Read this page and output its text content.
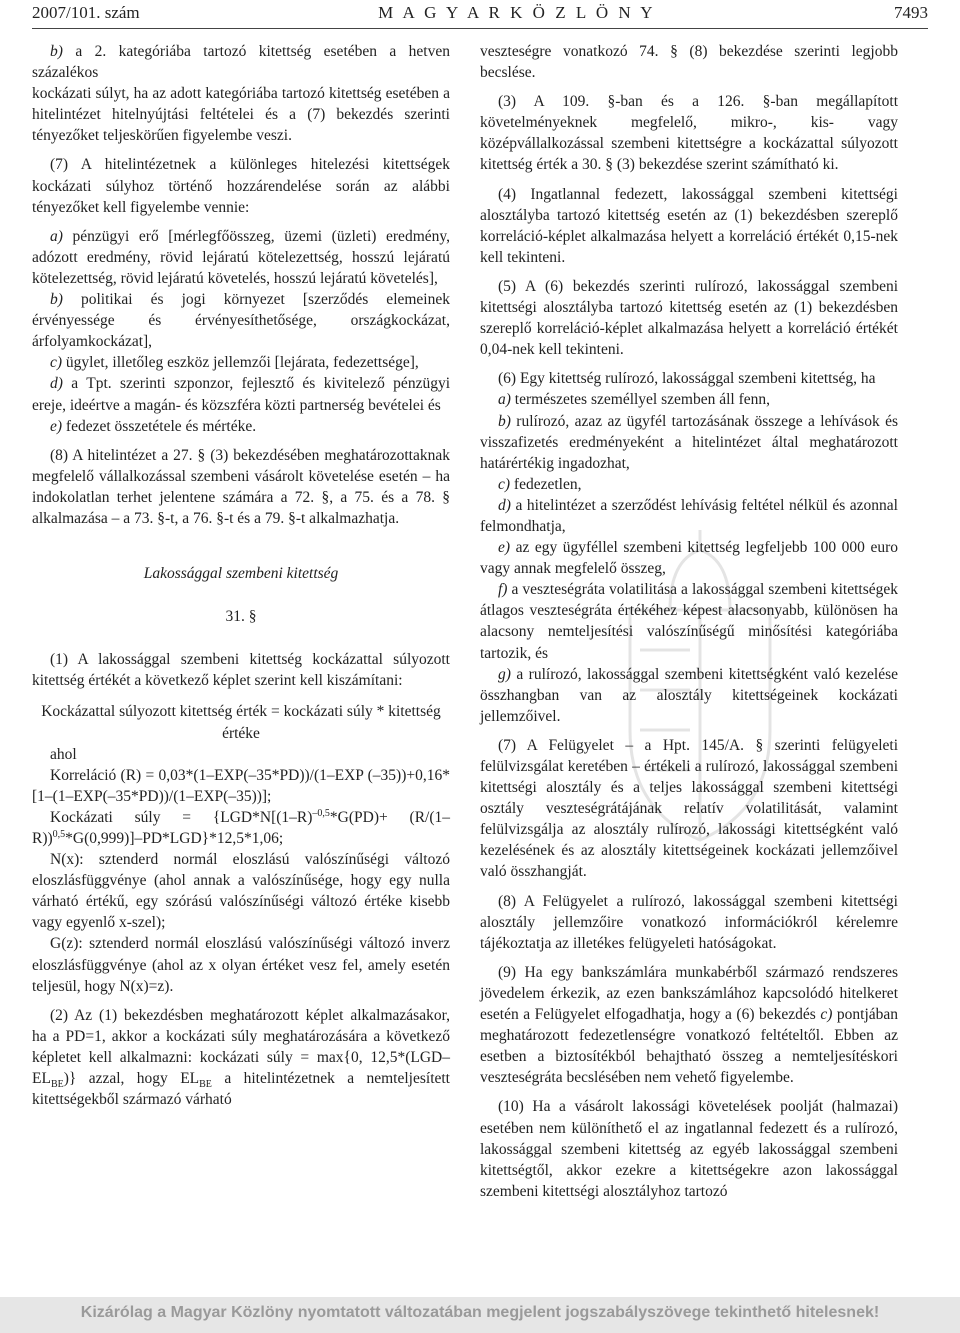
2007/101. szám	M A G Y A R K Ö Z L Ö N Y	7493

b) a 2. kategóriába tartozó kitettség esetében a hetven százalékos

kockázati súlyt, ha az adott kategóriába tartozó kitettség esetében a hitelintézet hitelnyújtási feltételei és a (7) bekezdés szerinti tényezőket teljeskörűen figyelembe veszi.

(7) A hitelintézetnek a különleges hitelezési kitettségek kockázati súlyhoz történő hozzárendelése során az alábbi tényezőket kell figyelembe vennie:

a) pénzügyi erő [mérlegfőösszeg, üzemi (üzleti) eredmény, adózott eredmény, rövid lejáratú kötelezettség, hosszú lejáratú kötelezettség, rövid lejáratú követelés, hosszú lejáratú követelés],

b) politikai és jogi környezet [szerződés elemeinek érvényessége és érvényesíthetősége, országkockázat, árfolyamkockázat],

c) ügylet, illetőleg eszköz jellemzői [lejárata, fedezettsége],

d) a Tpt. szerinti szponzor, fejlesztő és kivitelező pénzügyi ereje, ideértve a magán- és közszféra közti partnerség bevételei és

e) fedezet összetétele és mértéke.

(8) A hitelintézet a 27. § (3) bekezdésében meghatározottaknak megfelelő vállalkozással szembeni vásárolt követelése esetén – ha indokolatlan terhet jelentene számára a 72. §, a 75. és a 78. § alkalmazása – a 73. §-t, a 76. §-t és a 79. §-t alkalmazhatja.

Lakossággal szembeni kitettség

31. §

(1) A lakossággal szembeni kitettség kockázattal súlyozott kitettség értékét a következő képlet szerint kell kiszámítani:

Kockázattal súlyozott kitettség érték = kockázati súly * kitettség értéke

ahol

Korreláció (R) = 0,03*(1–EXP(–35*PD))/(1–EXP (–35))+0,16*[1–(1–EXP(–35*PD))/(1–EXP(–35))];

Kockázati súly = $\{LGD*N[(1-R)^{-0,5}*G(PD)+ (R/(1-R))^{0,5}*G(0,999)]-PD*LGD\}*12,5*1,06$;

N(x): sztenderd normál eloszlású valószínűségi változó eloszlásfüggvénye (ahol annak a valószínűsége, hogy egy nulla várható értékű, egy szórású valószínűségi változó értéke kisebb vagy egyenlő x-szel);

G(z): sztenderd normál eloszlású valószínűségi változó inverz eloszlásfüggvénye (ahol az x olyan értéket vesz fel, amely esetén teljesül, hogy N(x)=z).

(2) Az (1) bekezdésben meghatározott képlet alkalmazásakor, ha a PD=1, akkor a kockázati súly meghatározására a következő képletet kell alkalmazni: kockázati súly = max{0, $12,5*(LGD-EL_{BE})$} azzal, hogy $EL_{BE}$ a hitelintézetnek a nemteljesített kitettségekből származó várható

veszteségre vonatkozó 74. § (8) bekezdése szerinti legjobb becslése.

(3) A 109. §-ban és a 126. §-ban megállapított követelményeknek megfelelő, mikro-, kis- vagy középvállalkozással szembeni kitettségre a kockázattal súlyozott kitettség érték a 30. § (3) bekezdése szerint számítható ki.

(4) Ingatlannal fedezett, lakossággal szembeni kitettségi alosztályba tartozó kitettség esetén az (1) bekezdésben szereplő korreláció-képlet alkalmazása helyett a korreláció értékét 0,15-nek kell tekinteni.

(5) A (6) bekezdés szerinti rulírozó, lakossággal szembeni kitettségi alosztályba tartozó kitettség esetén az (1) bekezdésben szereplő korreláció-képlet alkalmazása helyett a korreláció értékét 0,04-nek kell tekinteni.

(6) Egy kitettség rulírozó, lakossággal szembeni kitettség, ha

a) természetes személlyel szemben áll fenn,

b) rulírozó, azaz az ügyfél tartozásának összege a lehívások és visszafizetés eredményeként a hitelintézet által meghatározott határértékig ingadozhat,

c) fedezetlen,

d) a hitelintézet a szerződést lehívásig feltétel nélkül és azonnal felmondhatja,

e) az egy ügyféllel szembeni kitettség legfeljebb 100 000 euro vagy annak megfelelő összeg,

f) a veszteségráta volatilitása a lakossággal szembeni kitettségek átlagos veszteségráta értékéhez képest alacsonyabb, különösen ha alacsony nemteljesítési valószínűségű minősítési kategóriába tartozik, és

g) a rulírozó, lakossággal szembeni kitettségként való kezelése összhangban van az alosztály kitettségeinek kockázati jellemzőivel.

(7) A Felügyelet – a Hpt. 145/A. § szerinti felügyeleti felülvizsgálat keretében – értékeli a rulírozó, lakossággal szembeni kitettségi alosztály és a teljes lakossággal szembeni kitettségi osztály veszteségrátájának relatív volatilitását, valamint felülvizsgálja az alosztály rulírozó, lakossági kitettségként való kezelésének és az alosztály kitettségeinek kockázati jellemzőivel való összhangját.

(8) A Felügyelet a rulírozó, lakossággal szembeni kitettségi alosztály jellemzőire vonatkozó információkról kérelemre tájékoztatja az illetékes felügyeleti hatóságokat.

(9) Ha egy bankszámlára munkabérből származó rendszeres jövedelem érkezik, az ezen bankszámlához kapcsolódó hitelkeret esetén a Felügyelet elfogadhatja, hogy a (6) bekezdés c) pontjában meghatározott fedezetlenségre vonatkozó feltételtől. Ebben az esetben a biztosítékból behajtható összeg a nemteljesítéskori veszteségráta becslésében nem vehető figyelembe.

(10) Ha a vásárolt lakossági követelések poolját (halmazai) esetében nem különíthető el az ingatlannal fedezett és a rulírozó, lakossággal szembeni kitettség az egyéb lakossággal szembeni kitettségtől, akkor ezekre a kitettségekre azon lakossággal szembeni kitettségi alosztályhoz tartozó

Kizárólag a Magyar Közlöny nyomtatott változatában megjelent jogszabályszövege tekinthető hitelesnek!
